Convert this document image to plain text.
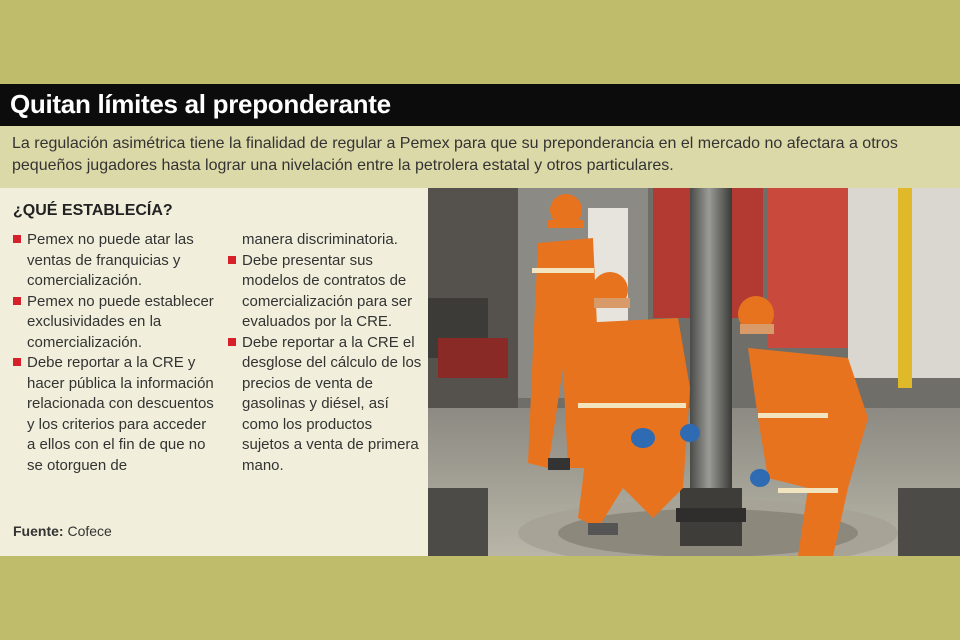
Quitan límites al preponderante

La regulación asimétrica tiene la finalidad de regular a Pemex para que su preponderancia en el mercado no afectara a otros pequeños jugadores hasta lograr una nivelación entre la petrolera estatal y otros particulares.

¿QUÉ ESTABLECÍA?
Pemex no puede atar las ventas de franquicias y comercialización.
Pemex no puede establecer exclusividades en la comercialización.
Debe reportar a la CRE y hacer pública la información relacionada con descuentos y los criterios para acceder a ellos con el fin de que no se otorguen de
manera discriminatoria.
Debe presentar sus modelos de contratos de comercialización para ser evaluados por la CRE.
Debe reportar a la CRE el desglose del cálculo de los precios de venta de gasolinas y diésel, así como los productos sujetos a venta de primera mano.
Fuente: Cofece
